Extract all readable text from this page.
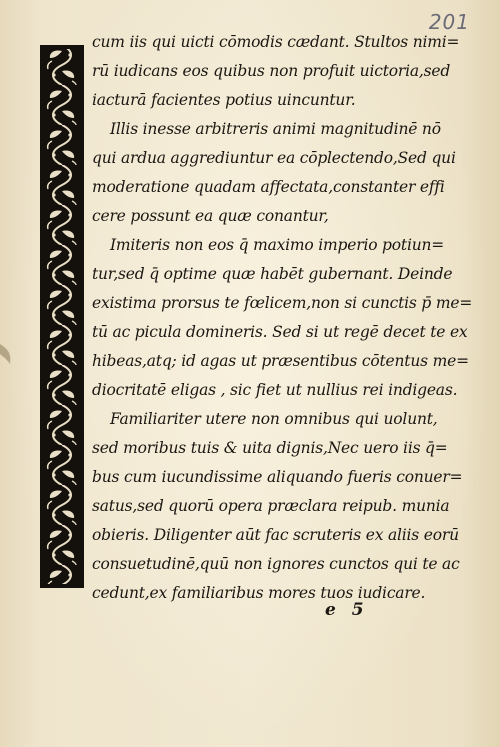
201
cum iis qui uicti cōmodis cædant. Stultos nimi=
rū iudicans eos quibus non profuit uictoria,sed
iacturā facientes potius uincuntur.
Illis inesse arbitreris animi magnitudinē nō
qui ardua aggrediuntur ea cōplectendo,Sed qui
moderatione quadam affectata,constanter effi
cere possunt ea quæ conantur,
Imiteris non eos q̄ maximo imperio potiun=
tur,sed q̄ optime quæ habēt gubernant. Deinde
existima prorsus te fœlicem,non si cunctis p̄ me=
tū ac picula domineris. Sed si ut regē decet te ex
hibeas,atq; id agas ut præsentibus cōtentus me=
diocritatē eligas , sic fiet ut nullius rei indigeas.
Familiariter utere non omnibus qui uolunt,
sed moribus tuis & uita dignis,Nec uero iis q̄=
bus cum iucundissime aliquando fueris conuer=
satus,sed quorū opera præclara reipub. munia
obieris. Diligenter aūt fac scruteris ex aliis eorū
consuetudinē,quū non ignores cunctos qui te ac
cedunt,ex familiaribus mores tuos iudicare.
e 5
